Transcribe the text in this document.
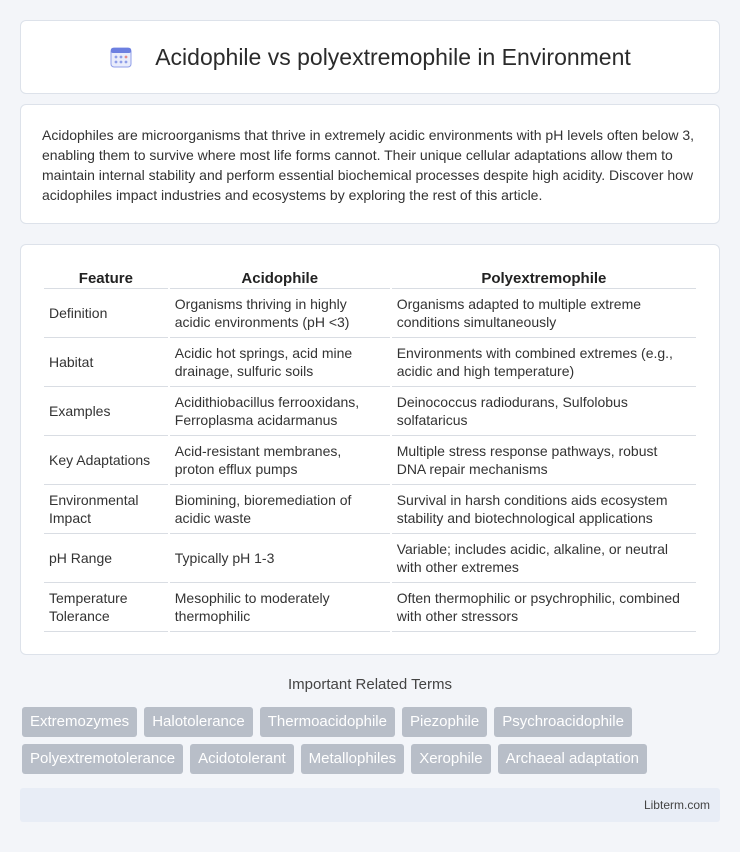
Acidophile vs polyextremophile in Environment

Acidophiles are microorganisms that thrive in extremely acidic environments with pH levels often below 3, enabling them to survive where most life forms cannot. Their unique cellular adaptations allow them to maintain internal stability and perform essential biochemical processes despite high acidity. Discover how acidophiles impact industries and ecosystems by exploring the rest of this article.

Feature	Acidophile	Polyextremophile
Definition	Organisms thriving in highly acidic environments (pH <3)	Organisms adapted to multiple extreme conditions simultaneously
Habitat	Acidic hot springs, acid mine drainage, sulfuric soils	Environments with combined extremes (e.g., acidic and high temperature)
Examples	Acidithiobacillus ferrooxidans, Ferroplasma acidarmanus	Deinococcus radiodurans, Sulfolobus solfataricus
Key Adaptations	Acid-resistant membranes, proton efflux pumps	Multiple stress response pathways, robust DNA repair mechanisms
Environmental Impact	Biomining, bioremediation of acidic waste	Survival in harsh conditions aids ecosystem stability and biotechnological applications
pH Range	Typically pH 1-3	Variable; includes acidic, alkaline, or neutral with other extremes
Temperature Tolerance	Mesophilic to moderately thermophilic	Often thermophilic or psychrophilic, combined with other stressors
Important Related Terms
Extremozymes	Halotolerance	Thermoacidophile	Piezophile	Psychroacidophile
Polyextremotolerance	Acidotolerant	Metallophiles	Xerophile	Archaeal adaptation
Libterm.com
